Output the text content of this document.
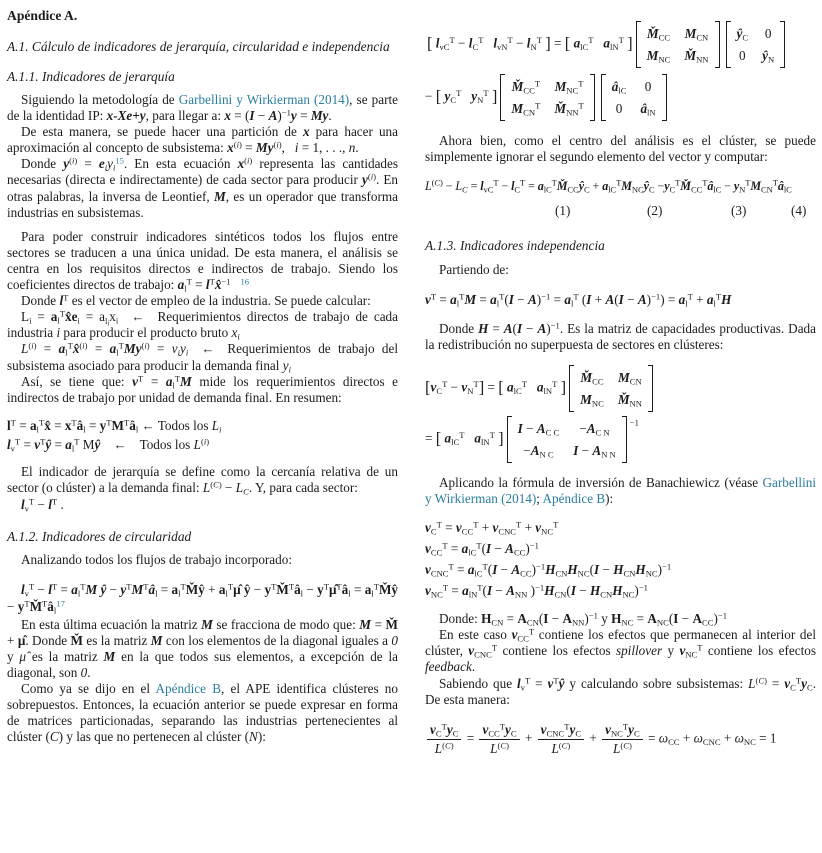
Apéndice A.
A.1. Cálculo de indicadores de jerarquía, circularidad e independencia
A.1.1. Indicadores de jerarquía

Siguiendo la metodología de Garbellini y Wirkierman (2014), se parte de la identidad IP: x-Xe+y, para llegar a: $x = (I - A)^{-1}y = My$.

De esta manera, se puede hacer una partición de x para hacer una aproximación al concepto de subsistema: $x^{(i)} = My^{(i)}$,   i = 1, . . ., n.

Donde $y^{(i)} = e_iy_i^{15}$. En esta ecuación $x^{(i)}$ representa las cantidades necesarias (directa e indirectamente) de cada sector para producir $y^{(i)}$. En otras palabras, la inversa de Leontief, M, es un operador que transforma industrias en subsistemas.

Para poder construir indicadores sintéticos todos los flujos entre sectores se traducen a una única unidad. De esta manera, el análisis se centra en los requisitos directos e indirectos de trabajo. Siendo los coeficientes directos de trabajo: $a_l^T$ = $l^Tx̂^{-1}$ $^{16}$

Donde $l^T$ es el vector de empleo de la industria. Se puede calcular:

$L_i$ = $a_l^Tx̂e_i = a_{l_i}x_i$ ← Requerimientos directos de trabajo de cada industria i para producir el producto bruto $x_i$

$L^{(i)}$ = $a_l^Tx̂^{(i)} = a_l^TMy^{(i)} = v_iy_i$ ← Requerimientos de trabajo del subsistema asociado para producir la demanda final $y_i$

Así, se tiene que: $v^T = a_l^TM$ mide los requerimientos directos e indirectos de trabajo por unidad de demanda final. En resumen:

$l^T$ = $a_l^Tx̂$ = $x^Tâ_l$ = $y^TM^Tâ_l$ ← Todos los $L_i$
$l_v^T$ = $v^Tŷ = a_l^T$ Mŷ ← Todos los $L^{(i)}$

El indicador de jerarquía se define como la cercanía relativa de un sector (o clúster) a la demanda final: $L^{(C)} - L_C$. Y, para cada sector:

$l_v^T - l^T$ .
A.1.2. Indicadores de circularidad

Analizando todos los flujos de trabajo incorporado:

$l_v^T - l^T = a_l^TM$ ŷ − $y^TM^Tâ_l$ = $a_l^TM̌ŷ$ + $a_l^T\mû$ ŷ − $y^TM̌^Tâ_l$ − $y^T\mû^Tâ_l$ = $a_l^TM̌ŷ$ − $y^TM̌^Tâ_l^{17}$

En esta última ecuación la matriz M se fracciona de modo que: M = M̌ + μ̂. Donde M̌ es la matriz M con los elementos de la diagonal iguales a 0 y μ̂ es la matriz M en la que todos sus elementos, a excepción de la diagonal, son 0.

Como ya se dijo en el Apéndice B, el APE identifica clústeres no sobrepuestos. Entonces, la ecuación anterior se puede expresar en forma de matrices particionadas, separando las industrias pertenecientes al clúster (C) y las que no pertenecen al clúster (N):

[ $l_{vC}^T - l_C^T$ $l_{vN}^T - l_N^T$ ] = [ $a_{lC}^T$ $a_{lN}^T$ ]
$M̌_{CC}$ $M_{CN}$
$M_{NC}$ $M̌_{NN}$
$ŷ_C$ 0
0 $ŷ_N$
− [ $y_C^T$ $y_N^T$ ]
$M̌_{CC}^T$ $M_{NC}^T$
$M_{CN}^T$ $M̌_{NN}^T$
$â_{lC}$	0
0	$â_{lN}$

Ahora bien, como el centro del análisis es el clúster, se puede simplemente ignorar el segundo elemento del vector y computar:

$L^{(C)} - L_C = l_{vC}^T - l_C^T$ = $a_{lC}^TM̌_{CC}ŷ_C$ + $a_{lC}^TM_{NC}ŷ_C$ $-y_C^TM̌_{CC}^Tâ_{lC}$ − $y_N^TM_{CN}^Tâ_{lC}$
(1)	(2)	(3)	(4)
A.1.3. Indicadores independencia

Partiendo de:

$v^T = a_l^TM = a_l^T(I - A)^{-1} = a_l^T$ $(I + A(I - A)^{-1}) = a_l^T + a_l^TH$

Donde $H = A(I - A)^{-1}$. Es la matriz de capacidades productivas. Dada la redistribución no superpuesta de sectores en clústeres:

$[v_C^T - v_N^T]$ = [ $a_{lC}^T$ $a_{lN}^T$ ]
$M̌_{CC}$ $M_{CN}$
$M_{NC}$ $M̌_{NN}$
= [ $a_{lC}^T$ $a_{lN}^T$ ]
$I - A_{C C}$	$-A_{C N}$
$-A_{N C}$	$I - A_{N N}$
$^{-1}$

Aplicando la fórmula de inversión de Banachiewicz (véase Garbellini y Wirkierman (2014); Apéndice B):

$v_C^T = v_{CC}^T + v_{CNC}^T + v_{NC}^T$
$v_{CC}^T = a_{lC}^T(I - A_{CC})^{-1}$
$v_{CNC}^T = a_{lC}^T(I - A_{CC})^{-1}H_{CN}H_{NC}(I - H_{CN}H_{NC})^{-1}$
$v_{NC}^T = a_{lN}^T(I - A_{NN}$ )$^{-1}H_{CN}(I - H_{CN}H_{NC})^{-1}$

Donde: $H_{CN} = A_{CN}(I - A_{NN})^{-1}$ y $H_{NC} = A_{NC}(I - A_{CC})^{-1}$

En este caso $v_{CC}^T$ contiene los efectos que permanecen al interior del clúster, $v_{CNC}^T$ contiene los efectos spillover y $v_{NC}^T$ contiene los efectos feedback.

Sabiendo que $l_v^T$ = $v^Tŷ$ y calculando sobre subsistemas: $L^{(C)} = v_C^Ty_C$. De esta manera:

$v_C^Ty_C$
$L^{(C)}$ =
$v_{CC}^Ty_C$
$L^{(C)}$ +
$v_{CNC}^Ty_C$
$L^{(C)}$	+
$v_{NC}^Ty_C$
$L^{(C)} = \omega_{CC} + \omega_{CNC} + \omega_{NC} = 1$
